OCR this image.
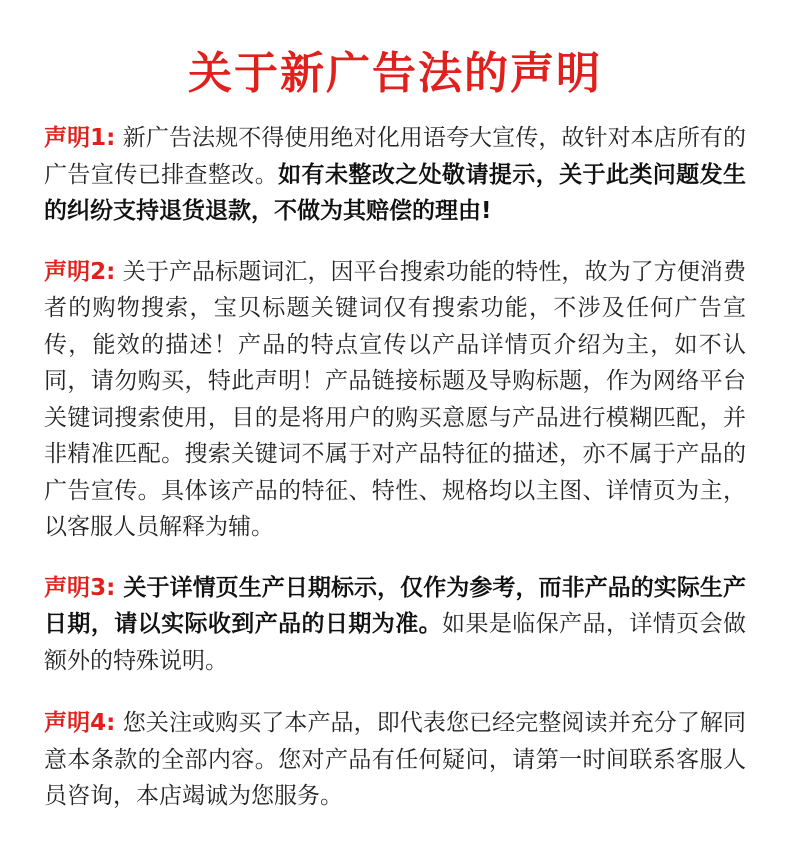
关于新广告法的声明

声明1: 新广告法规不得使用绝对化用语夸大宣传，故针对本店所有的广告宣传已排查整改。如有未整改之处敬请提示，关于此类问题发生的纠纷支持退货退款，不做为其赔偿的理由!

声明2: 关于产品标题词汇，因平台搜索功能的特性，故为了方便消费者的购物搜索，宝贝标题关键词仅有搜索功能，不涉及任何广告宣传，能效的描述！产品的特点宣传以产品详情页介绍为主，如不认同，请勿购买，特此声明！产品链接标题及导购标题，作为网络平台关键词搜索使用，目的是将用户的购买意愿与产品进行模糊匹配，并非精准匹配。搜索关键词不属于对产品特征的描述，亦不属于产品的广告宣传。具体该产品的特征、特性、规格均以主图、详情页为主，以客服人员解释为辅。

声明3: 关于详情页生产日期标示，仅作为参考，而非产品的实际生产日期，请以实际收到产品的日期为准。如果是临保产品，详情页会做额外的特殊说明。

声明4: 您关注或购买了本产品，即代表您已经完整阅读并充分了解同意本条款的全部内容。您对产品有任何疑问，请第一时间联系客服人员咨询，本店竭诚为您服务。
